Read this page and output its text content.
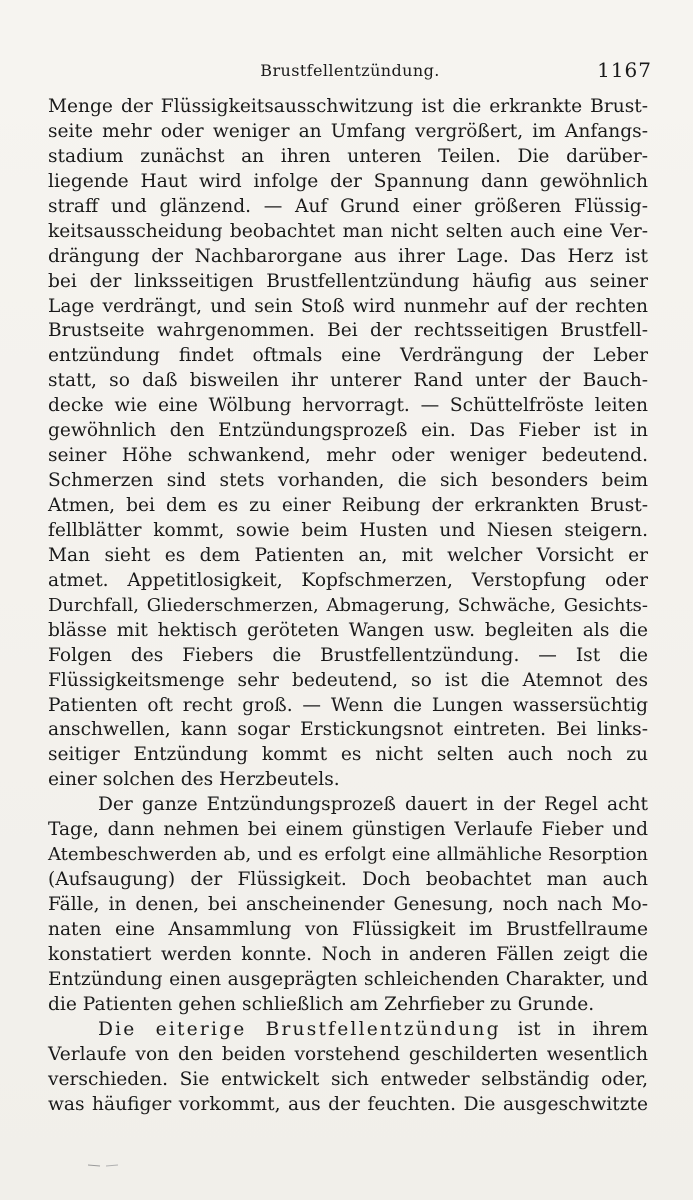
Brustfellentzündung.	1167
Menge der Flüssigkeitsausschwitzung ist die erkrankte Brust-
seite mehr oder weniger an Umfang vergrößert, im Anfangs-
stadium zunächst an ihren unteren Teilen. Die darüber-
liegende Haut wird infolge der Spannung dann gewöhnlich
straff und glänzend. — Auf Grund einer größeren Flüssig-
keitsausscheidung beobachtet man nicht selten auch eine Ver-
drängung der Nachbarorgane aus ihrer Lage. Das Herz ist
bei der linksseitigen Brustfellentzündung häufig aus seiner
Lage verdrängt, und sein Stoß wird nunmehr auf der rechten
Brustseite wahrgenommen. Bei der rechtsseitigen Brustfell-
entzündung findet oftmals eine Verdrängung der Leber
statt, so daß bisweilen ihr unterer Rand unter der Bauch-
decke wie eine Wölbung hervorragt. — Schüttelfröste leiten
gewöhnlich den Entzündungsprozeß ein. Das Fieber ist in
seiner Höhe schwankend, mehr oder weniger bedeutend.
Schmerzen sind stets vorhanden, die sich besonders beim
Atmen, bei dem es zu einer Reibung der erkrankten Brust-
fellblätter kommt, sowie beim Husten und Niesen steigern.
Man sieht es dem Patienten an, mit welcher Vorsicht er
atmet. Appetitlosigkeit, Kopfschmerzen, Verstopfung oder
Durchfall, Gliederschmerzen, Abmagerung, Schwäche, Gesichts-
blässe mit hektisch geröteten Wangen usw. begleiten als die
Folgen des Fiebers die Brustfellentzündung. — Ist die
Flüssigkeitsmenge sehr bedeutend, so ist die Atemnot des
Patienten oft recht groß. — Wenn die Lungen wassersüchtig
anschwellen, kann sogar Erstickungsnot eintreten. Bei links-
seitiger Entzündung kommt es nicht selten auch noch zu
einer solchen des Herzbeutels.
Der ganze Entzündungsprozeß dauert in der Regel acht
Tage, dann nehmen bei einem günstigen Verlaufe Fieber und
Atembeschwerden ab, und es erfolgt eine allmähliche Resorption
(Aufsaugung) der Flüssigkeit. Doch beobachtet man auch
Fälle, in denen, bei anscheinender Genesung, noch nach Mo-
naten eine Ansammlung von Flüssigkeit im Brustfellraume
konstatiert werden konnte. Noch in anderen Fällen zeigt die
Entzündung einen ausgeprägten schleichenden Charakter, und
die Patienten gehen schließlich am Zehrfieber zu Grunde.
Die eiterige Brustfellentzündung ist in ihrem
Verlaufe von den beiden vorstehend geschilderten wesentlich
verschieden. Sie entwickelt sich entweder selbständig oder,
was häufiger vorkommt, aus der feuchten. Die ausgeschwitzte
